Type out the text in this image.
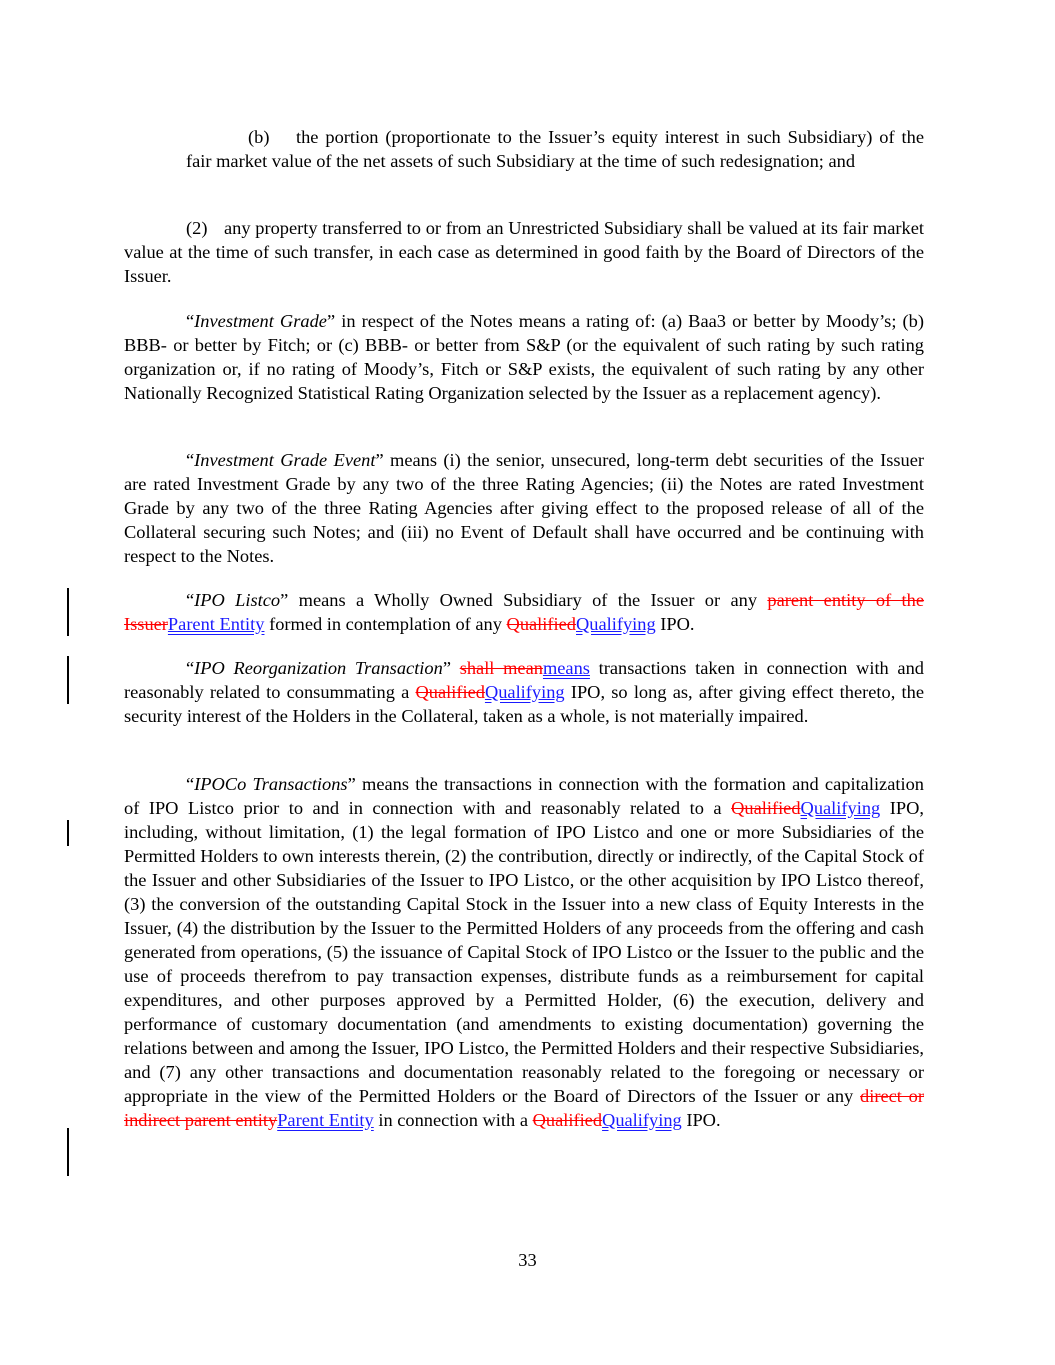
(b) the portion (proportionate to the Issuer’s equity interest in such Subsidiary) of the fair market value of the net assets of such Subsidiary at the time of such redesignation; and

(2) any property transferred to or from an Unrestricted Subsidiary shall be valued at its fair market value at the time of such transfer, in each case as determined in good faith by the Board of Directors of the Issuer.

“Investment Grade” in respect of the Notes means a rating of: (a) Baa3 or better by Moody’s; (b) BBB- or better by Fitch; or (c) BBB- or better from S&P (or the equivalent of such rating by such rating organization or, if no rating of Moody’s, Fitch or S&P exists, the equivalent of such rating by any other Nationally Recognized Statistical Rating Organization selected by the Issuer as a replacement agency).

“Investment Grade Event” means (i) the senior, unsecured, long-term debt securities of the Issuer are rated Investment Grade by any two of the three Rating Agencies; (ii) the Notes are rated Investment Grade by any two of the three Rating Agencies after giving effect to the proposed release of all of the Collateral securing such Notes; and (iii) no Event of Default shall have occurred and be continuing with respect to the Notes.

“IPO Listco” means a Wholly Owned Subsidiary of the Issuer or any parent entity of the IssuerParent Entity formed in contemplation of any QualifiedQualifying IPO.

“IPO Reorganization Transaction” shall meanmeans transactions taken in connection with and reasonably related to consummating a QualifiedQualifying IPO, so long as, after giving effect thereto, the security interest of the Holders in the Collateral, taken as a whole, is not materially impaired.

“IPOCo Transactions” means the transactions in connection with the formation and capitalization of IPO Listco prior to and in connection with and reasonably related to a QualifiedQualifying IPO, including, without limitation, (1) the legal formation of IPO Listco and one or more Subsidiaries of the Permitted Holders to own interests therein, (2) the contribution, directly or indirectly, of the Capital Stock of the Issuer and other Subsidiaries of the Issuer to IPO Listco, or the other acquisition by IPO Listco thereof, (3) the conversion of the outstanding Capital Stock in the Issuer into a new class of Equity Interests in the Issuer, (4) the distribution by the Issuer to the Permitted Holders of any proceeds from the offering and cash generated from operations, (5) the issuance of Capital Stock of IPO Listco or the Issuer to the public and the use of proceeds therefrom to pay transaction expenses, distribute funds as a reimbursement for capital expenditures, and other purposes approved by a Permitted Holder, (6) the execution, delivery and performance of customary documentation (and amendments to existing documentation) governing the relations between and among the Issuer, IPO Listco, the Permitted Holders and their respective Subsidiaries, and (7) any other transactions and documentation reasonably related to the foregoing or necessary or appropriate in the view of the Permitted Holders or the Board of Directors of the Issuer or any direct or indirect parent entityParent Entity in connection with a QualifiedQualifying IPO.

33
